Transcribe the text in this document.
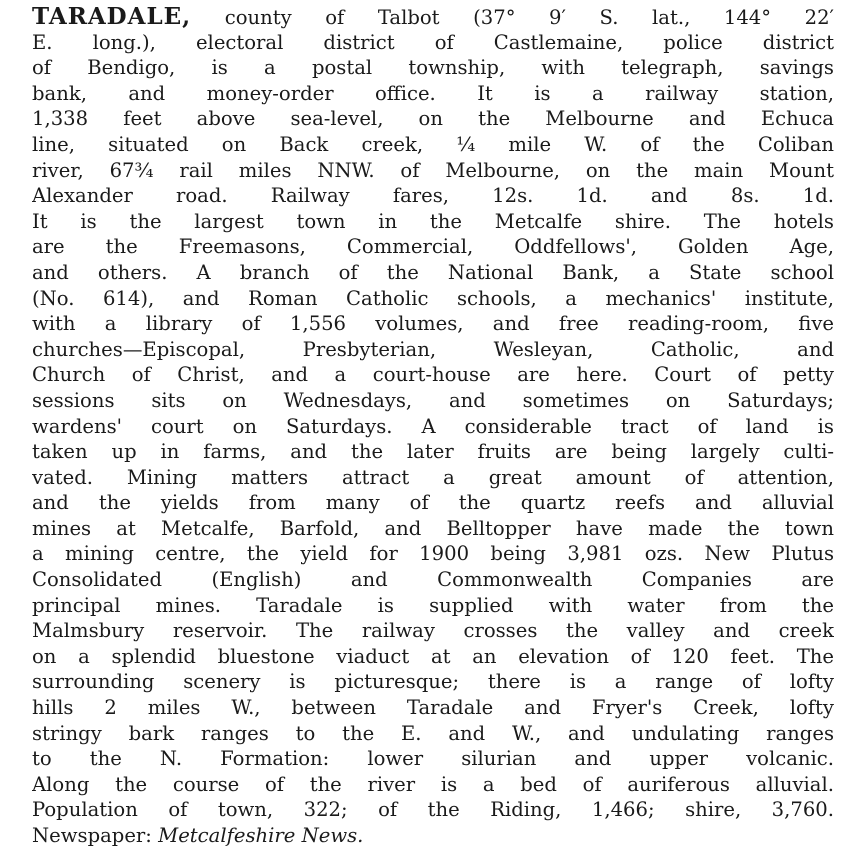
TARADALE, county of Talbot (37° 9′ S. lat., 144° 22′
E. long.), electoral district of Castlemaine, police district
of Bendigo, is a postal township, with telegraph, savings
bank, and money-order office. It is a railway station,
1,338 feet above sea-level, on the Melbourne and Echuca
line, situated on Back creek, ¼ mile W. of the Coliban
river, 67¾ rail miles NNW. of Melbourne, on the main Mount
Alexander road. Railway fares, 12s. 1d. and 8s. 1d.
It is the largest town in the Metcalfe shire. The hotels
are the Freemasons, Commercial, Oddfellows', Golden Age,
and others. A branch of the National Bank, a State school
(No. 614), and Roman Catholic schools, a mechanics' institute,
with a library of 1,556 volumes, and free reading-room, five
churches—Episcopal, Presbyterian, Wesleyan, Catholic, and
Church of Christ, and a court-house are here. Court of petty
sessions sits on Wednesdays, and sometimes on Saturdays;
wardens' court on Saturdays. A considerable tract of land is
taken up in farms, and the later fruits are being largely culti-
vated. Mining matters attract a great amount of attention,
and the yields from many of the quartz reefs and alluvial
mines at Metcalfe, Barfold, and Belltopper have made the town
a mining centre, the yield for 1900 being 3,981 ozs. New Plutus
Consolidated (English) and Commonwealth Companies are
principal mines. Taradale is supplied with water from the
Malmsbury reservoir. The railway crosses the valley and creek
on a splendid bluestone viaduct at an elevation of 120 feet. The
surrounding scenery is picturesque; there is a range of lofty
hills 2 miles W., between Taradale and Fryer's Creek, lofty
stringy bark ranges to the E. and W., and undulating ranges
to the N. Formation: lower silurian and upper volcanic.
Along the course of the river is a bed of auriferous alluvial.
Population of town, 322; of the Riding, 1,466; shire, 3,760.
Newspaper: Metcalfeshire News.
